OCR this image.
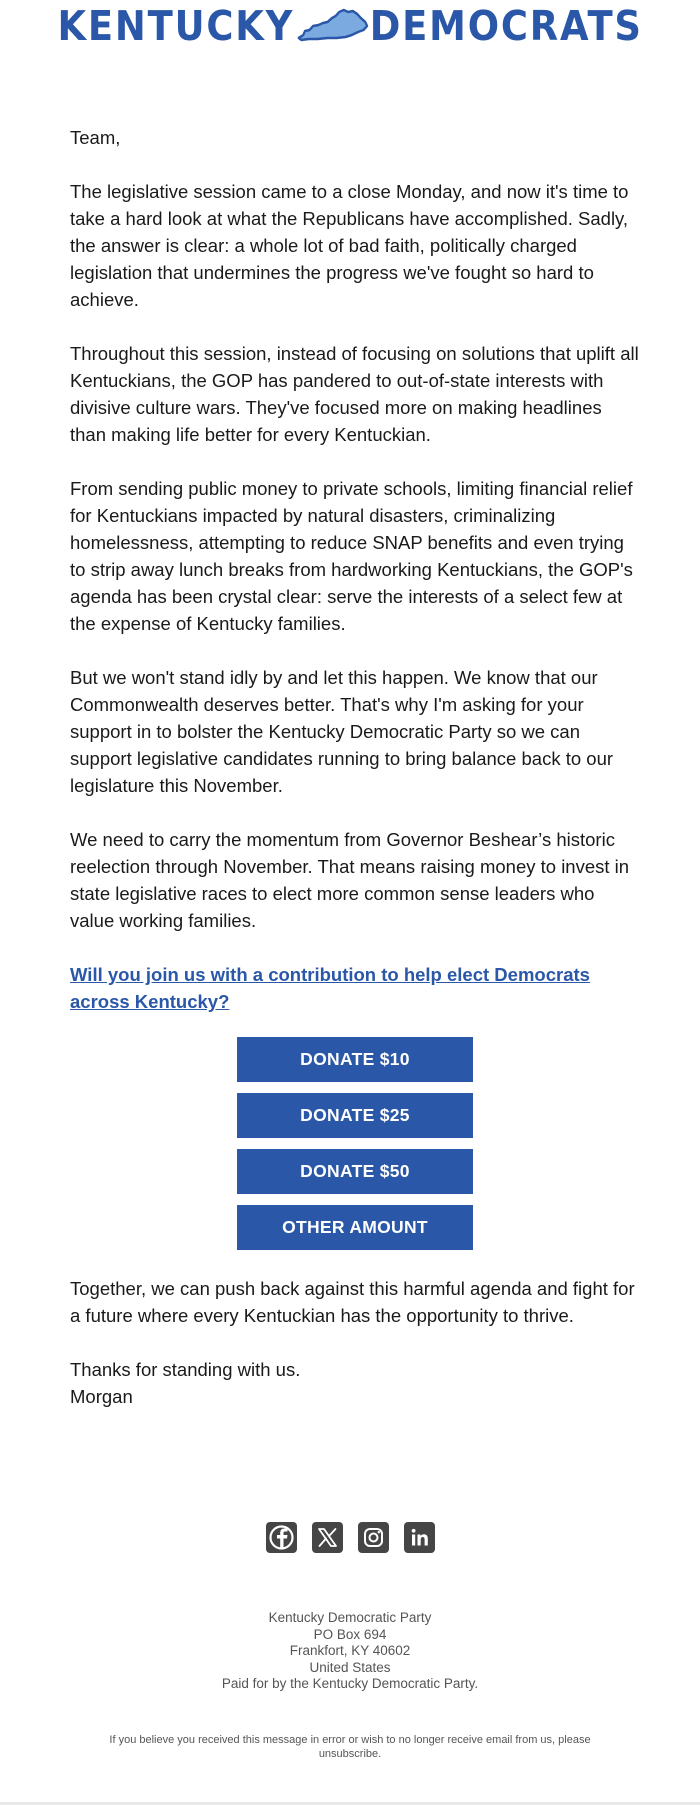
KENTUCKY DEMOCRATS

Team,

The legislative session came to a close Monday, and now it's time to take a hard look at what the Republicans have accomplished. Sadly, the answer is clear: a whole lot of bad faith, politically charged legislation that undermines the progress we've fought so hard to achieve.

Throughout this session, instead of focusing on solutions that uplift all Kentuckians, the GOP has pandered to out-of-state interests with divisive culture wars. They've focused more on making headlines than making life better for every Kentuckian.

From sending public money to private schools, limiting financial relief for Kentuckians impacted by natural disasters, criminalizing homelessness, attempting to reduce SNAP benefits and even trying to strip away lunch breaks from hardworking Kentuckians, the GOP's agenda has been crystal clear: serve the interests of a select few at the expense of Kentucky families.

But we won't stand idly by and let this happen. We know that our Commonwealth deserves better. That's why I'm asking for your support in to bolster the Kentucky Democratic Party so we can support legislative candidates running to bring balance back to our legislature this November.

We need to carry the momentum from Governor Beshear’s historic reelection through November. That means raising money to invest in state legislative races to elect more common sense leaders who value working families.

Will you join us with a contribution to help elect Democrats across Kentucky?
DONATE $10
DONATE $25
DONATE $50
OTHER AMOUNT

Together, we can push back against this harmful agenda and fight for a future where every Kentuckian has the opportunity to thrive.

Thanks for standing with us.

Morgan

Kentucky Democratic Party
PO Box 694
Frankfort, KY 40602
United States
Paid for by the Kentucky Democratic Party.
If you believe you received this message in error or wish to no longer receive email from us, please unsubscribe.
